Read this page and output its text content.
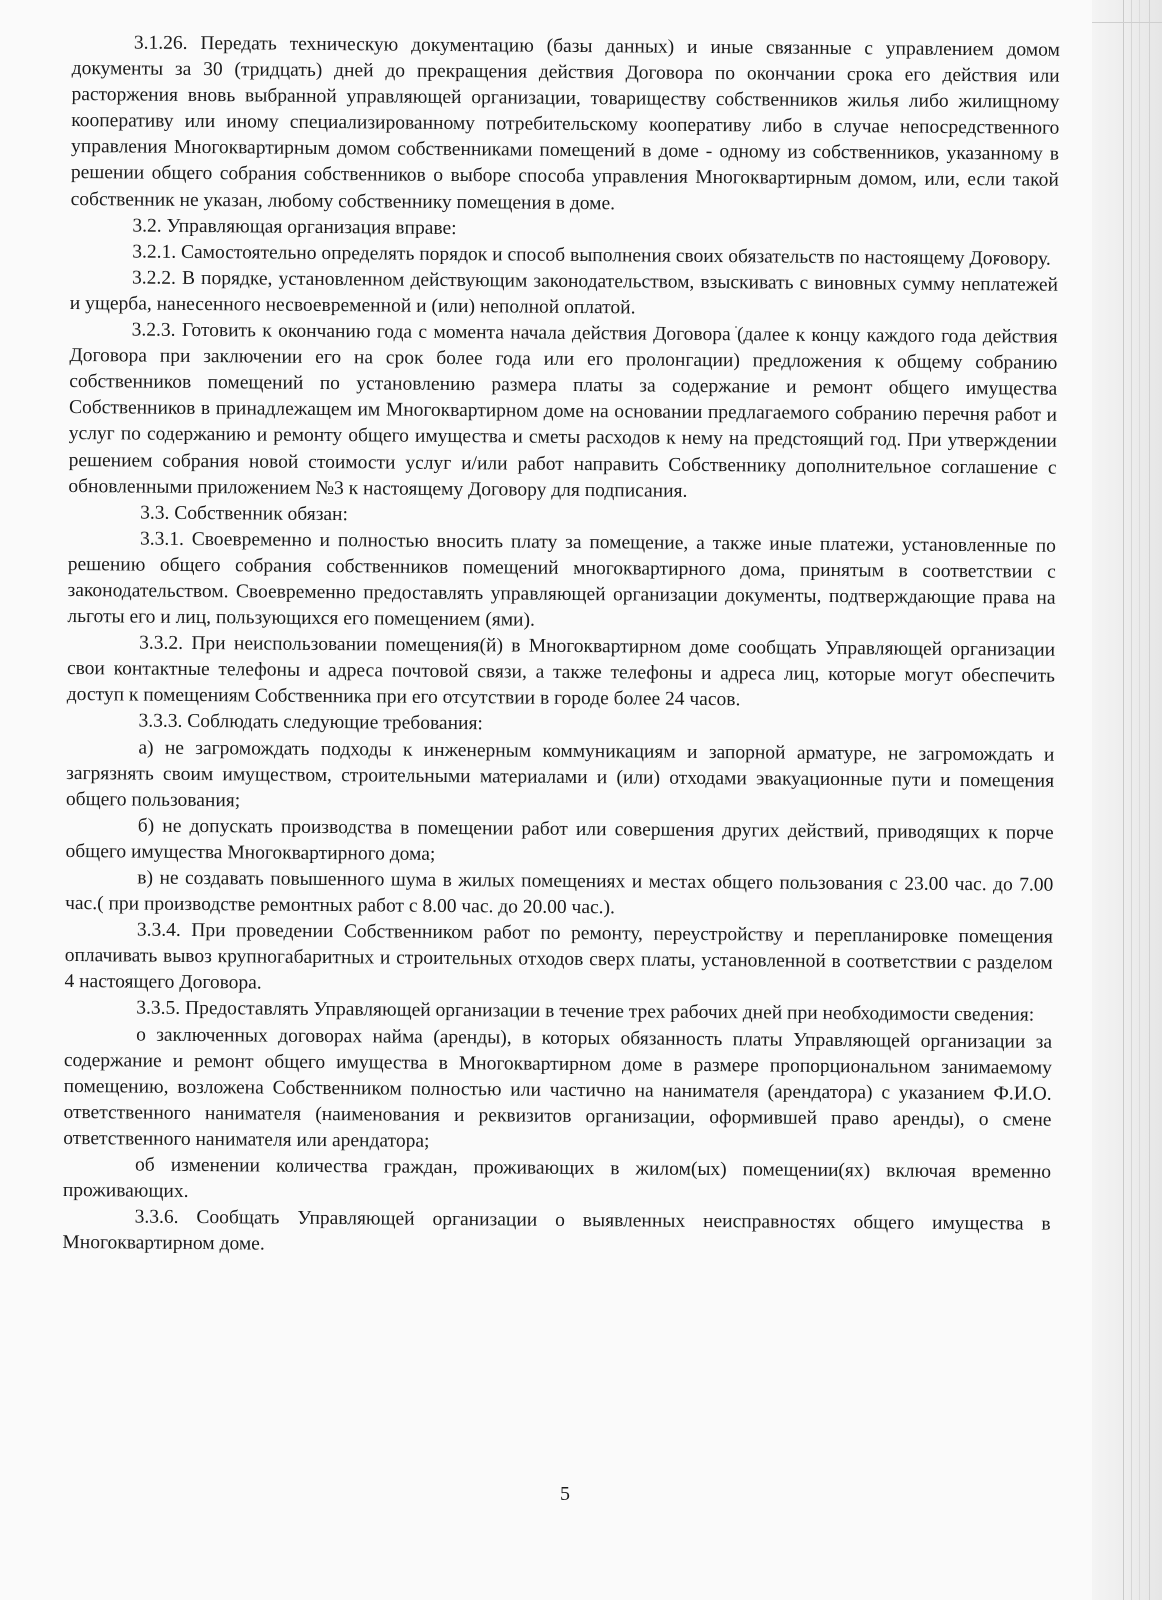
3.1.26. Передать техническую документацию (базы данных) и иные связанные с управлением домом документы за 30 (тридцать) дней до прекращения действия Договора по окончании срока его действия или расторжения вновь выбранной управляющей организации, товариществу собственников жилья либо жилищному кооперативу или иному специализированному потребительскому кооперативу либо в случае непосредственного управления Многоквартирным домом собственниками помещений в доме - одному из собственников, указанному в решении общего собрания собственников о выборе способа управления Многоквартирным домом, или, если такой собственник не указан, любому собственнику помещения в доме.

3.2. Управляющая организация вправе:

3.2.1. Самостоятельно определять порядок и способ выполнения своих обязательств по настоящему Договору.

3.2.2. В порядке, установленном действующим законодательством, взыскивать с виновных сумму неплатежей и ущерба, нанесенного несвоевременной и (или) неполной оплатой.

3.2.3. Готовить к окончанию года с момента начала действия Договора (далее к концу каждого года действия Договора при заключении его на срок более года или его пролонгации) предложения к общему собранию собственников помещений по установлению размера платы за содержание и ремонт общего имущества Собственников в принадлежащем им Многоквартирном доме на основании предлагаемого собранию перечня работ и услуг по содержанию и ремонту общего имущества и сметы расходов к нему на предстоящий год. При утверждении решением собрания новой стоимости услуг и/или работ направить Собственнику дополнительное соглашение с обновленными приложением №3 к настоящему Договору для подписания.

3.3. Собственник обязан:

3.3.1. Своевременно и полностью вносить плату за помещение, а также иные платежи, установленные по решению общего собрания собственников помещений многоквартирного дома, принятым в соответствии с законодательством. Своевременно предоставлять управляющей организации документы, подтверждающие права на льготы его и лиц, пользующихся его помещением (ями).

3.3.2. При неиспользовании помещения(й) в Многоквартирном доме сообщать Управляющей организации свои контактные телефоны и адреса почтовой связи, а также телефоны и адреса лиц, которые могут обеспечить доступ к помещениям Собственника при его отсутствии в городе более 24 часов.

3.3.3. Соблюдать следующие требования:

а) не загромождать подходы к инженерным коммуникациям и запорной арматуре, не загромождать и загрязнять своим имуществом, строительными материалами и (или) отходами эвакуационные пути и помещения общего пользования;

б) не допускать производства в помещении работ или совершения других действий, приводящих к порче общего имущества Многоквартирного дома;

в) не создавать повышенного шума в жилых помещениях и местах общего пользования с 23.00 час. до 7.00 час.( при производстве ремонтных работ с 8.00 час. до 20.00 час.).

3.3.4. При проведении Собственником работ по ремонту, переустройству и перепланировке помещения оплачивать вывоз крупногабаритных и строительных отходов сверх платы, установленной в соответствии с разделом 4 настоящего Договора.

3.3.5. Предоставлять Управляющей организации в течение трех рабочих дней при необходимости сведения:

о заключенных договорах найма (аренды), в которых обязанность платы Управляющей организации за содержание и ремонт общего имущества в Многоквартирном доме в размере пропорциональном занимаемому помещению, возложена Собственником полностью или частично на нанимателя (арендатора) с указанием Ф.И.О. ответственного нанимателя (наименования и реквизитов организации, оформившей право аренды), о смене ответственного нанимателя или арендатора;

об изменении количества граждан, проживающих в жилом(ых) помещении(ях) включая временно проживающих.

3.3.6. Сообщать Управляющей организации о выявленных неисправностях общего имущества в Многоквартирном доме.

5
